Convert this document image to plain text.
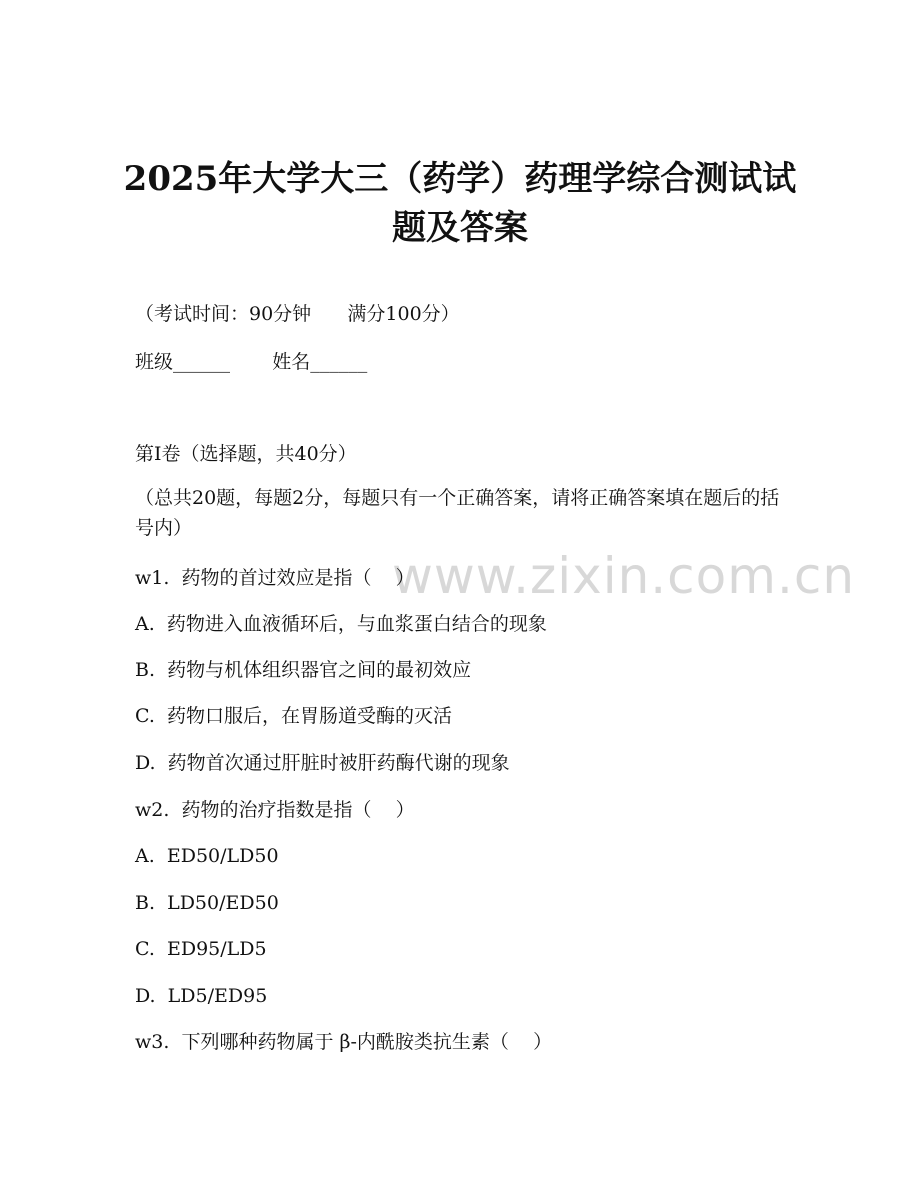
2025年大学大三（药学）药理学综合测试试
题及答案

（考试时间：90分钟      满分100分）

班级______       姓名______

第I卷（选择题，共40分）

（总共20题，每题2分，每题只有一个正确答案，请将正确答案填在题后的括号内）

www.zixin.com.cn

w1.  药物的首过效应是指（    ）

A.  药物进入血液循环后，与血浆蛋白结合的现象

B.  药物与机体组织器官之间的最初效应

C.  药物口服后，在胃肠道受酶的灭活

D.  药物首次通过肝脏时被肝药酶代谢的现象

w2.  药物的治疗指数是指（    ）

A.  ED50/LD50

B.  LD50/ED50

C.  ED95/LD5

D.  LD5/ED95

w3.  下列哪种药物属于 β-内酰胺类抗生素（    ）
